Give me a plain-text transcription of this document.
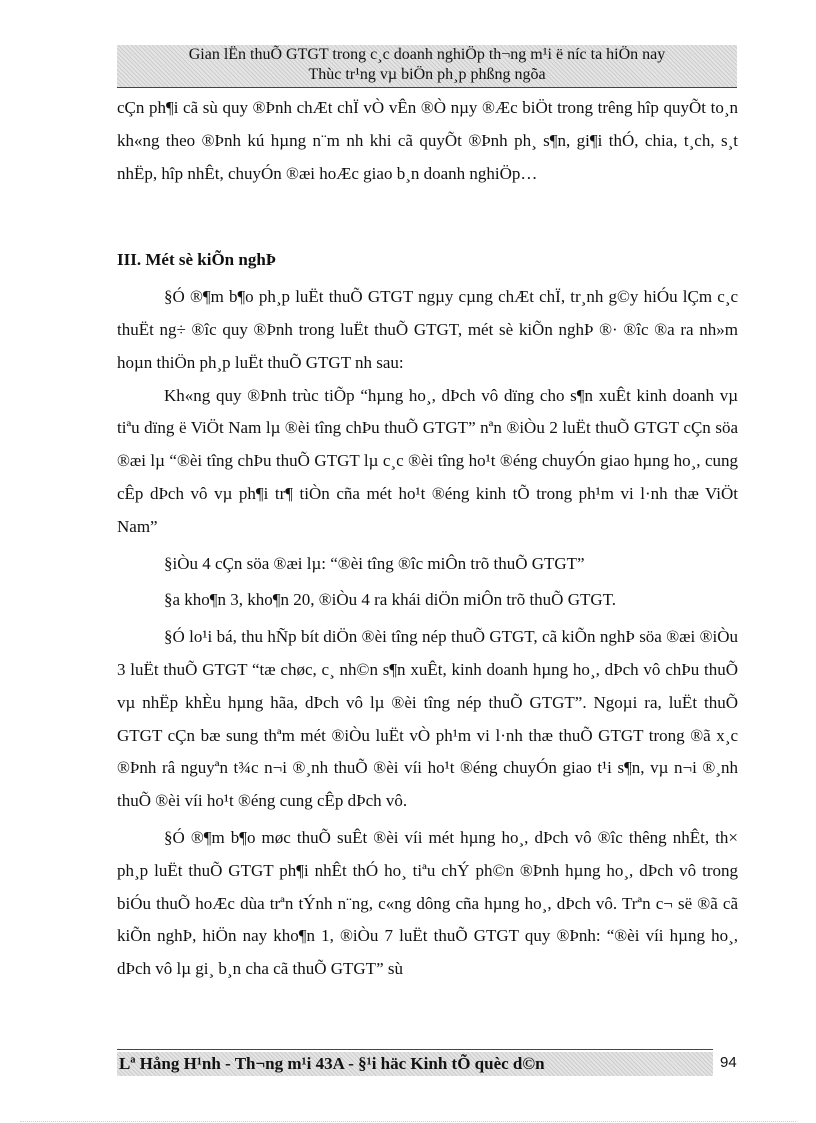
Gian lËn thuÕ GTGT trong c¸c doanh nghiÖp th¬ng m¹i ë níc ta hiÖn nay
Thùc tr¹ng vµ biÖn ph¸p phßng ngõa

cÇn ph¶i cã sù quy ®Þnh chÆt chÏ vÒ vÊn ®Ò nµy ®Æc biÖt trong trêng hîp quyÕt to¸n kh«ng theo ®Þnh kú hµng n¨m nh khi cã quyÕt ®Þnh ph¸ s¶n, gi¶i thÓ, chia, t¸ch, s¸t nhËp, hîp nhÊt, chuyÓn ®æi hoÆc giao b¸n doanh nghiÖp…

III. Mét sè kiÕn nghÞ

§Ó ®¶m b¶o ph¸p luËt thuÕ GTGT ngµy cµng chÆt chÏ, tr¸nh g©y hiÓu lÇm c¸c thuËt ng÷ ®îc quy ®Þnh trong luËt thuÕ GTGT, mét sè kiÕn nghÞ ®· ®îc ®a ra nh»m hoµn thiÖn ph¸p luËt thuÕ GTGT nh sau:

Kh«ng quy ®Þnh trùc tiÕp “hµng ho¸, dÞch vô dïng cho s¶n xuÊt kinh doanh vµ tiªu dïng ë ViÖt Nam lµ ®èi tîng chÞu thuÕ GTGT” nªn ®iÒu 2 luËt thuÕ GTGT cÇn söa ®æi lµ “®èi tîng chÞu thuÕ GTGT lµ c¸c ®èi tîng ho¹t ®éng chuyÓn giao hµng ho¸, cung cÊp dÞch vô vµ ph¶i tr¶ tiÒn cña mét ho¹t ®éng kinh tÕ trong ph¹m vi l·nh thæ ViÖt Nam”

§iÒu 4 cÇn söa ®æi lµ: “®èi tîng ®îc miÔn trõ thuÕ GTGT”

§a kho¶n 3, kho¶n 20, ®iÒu 4 ra khái diÖn miÔn trõ thuÕ GTGT.

§Ó lo¹i bá, thu hÑp bít diÖn ®èi tîng nép thuÕ GTGT, cã kiÕn nghÞ söa ®æi ®iÒu 3 luËt thuÕ GTGT “tæ chøc, c¸ nh©n s¶n xuÊt, kinh doanh hµng ho¸, dÞch vô chÞu thuÕ vµ nhËp khÈu hµng hãa, dÞch vô lµ ®èi tîng nép thuÕ GTGT”. Ngoµi ra, luËt thuÕ GTGT cÇn bæ sung thªm mét ®iÒu luËt vÒ ph¹m vi l·nh thæ thuÕ GTGT trong ®ã x¸c ®Þnh râ nguyªn t¾c n¬i ®¸nh thuÕ ®èi víi ho¹t ®éng chuyÓn giao t¹i s¶n, vµ n¬i ®¸nh thuÕ ®èi víi ho¹t ®éng cung cÊp dÞch vô.

§Ó ®¶m b¶o møc thuÕ suÊt ®èi víi mét hµng ho¸, dÞch vô ®îc thêng nhÊt, th× ph¸p luËt thuÕ GTGT ph¶i nhÊt thÓ ho¸ tiªu chÝ ph©n ®Þnh hµng ho¸, dÞch vô trong biÓu thuÕ hoÆc dùa trªn tÝnh n¨ng, c«ng dông cña hµng ho¸, dÞch vô. Trªn c¬ së ®ã cã kiÕn nghÞ, hiÖn nay kho¶n 1, ®iÒu 7 luËt thuÕ GTGT quy ®Þnh: “®èi víi hµng ho¸, dÞch vô lµ gi¸ b¸n cha cã thuÕ GTGT” sù

Lª Hång H¹nh - Th¬ng m¹i 43A - §¹i häc Kinh tÕ quèc d©n	94
